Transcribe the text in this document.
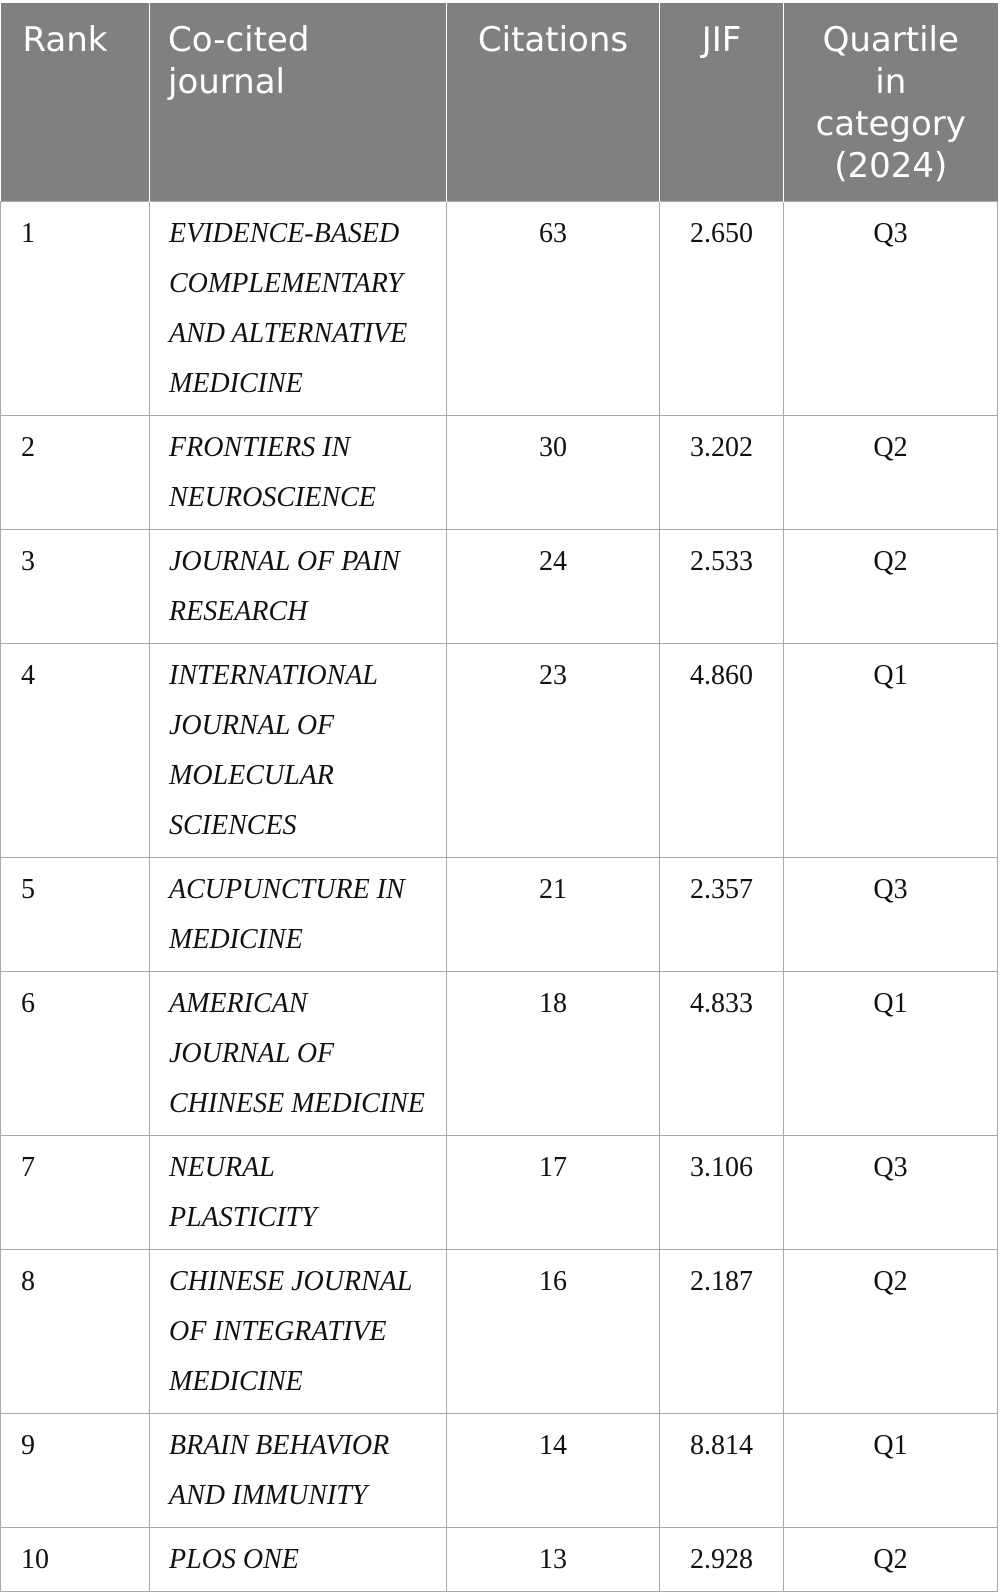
Rank	Co-cited journal	Citations	JIF	Quartile in category (2024)
1	EVIDENCE-BASED COMPLEMENTARY AND ALTERNATIVE MEDICINE	63	2.650	Q3
2	FRONTIERS IN NEUROSCIENCE	30	3.202	Q2
3	JOURNAL OF PAIN RESEARCH	24	2.533	Q2
4	INTERNATIONAL JOURNAL OF MOLECULAR SCIENCES	23	4.860	Q1
5	ACUPUNCTURE IN MEDICINE	21	2.357	Q3
6	AMERICAN JOURNAL OF CHINESE MEDICINE	18	4.833	Q1
7	NEURAL PLASTICITY	17	3.106	Q3
8	CHINESE JOURNAL OF INTEGRATIVE MEDICINE	16	2.187	Q2
9	BRAIN BEHAVIOR AND IMMUNITY	14	8.814	Q1
10	PLOS ONE	13	2.928	Q2
